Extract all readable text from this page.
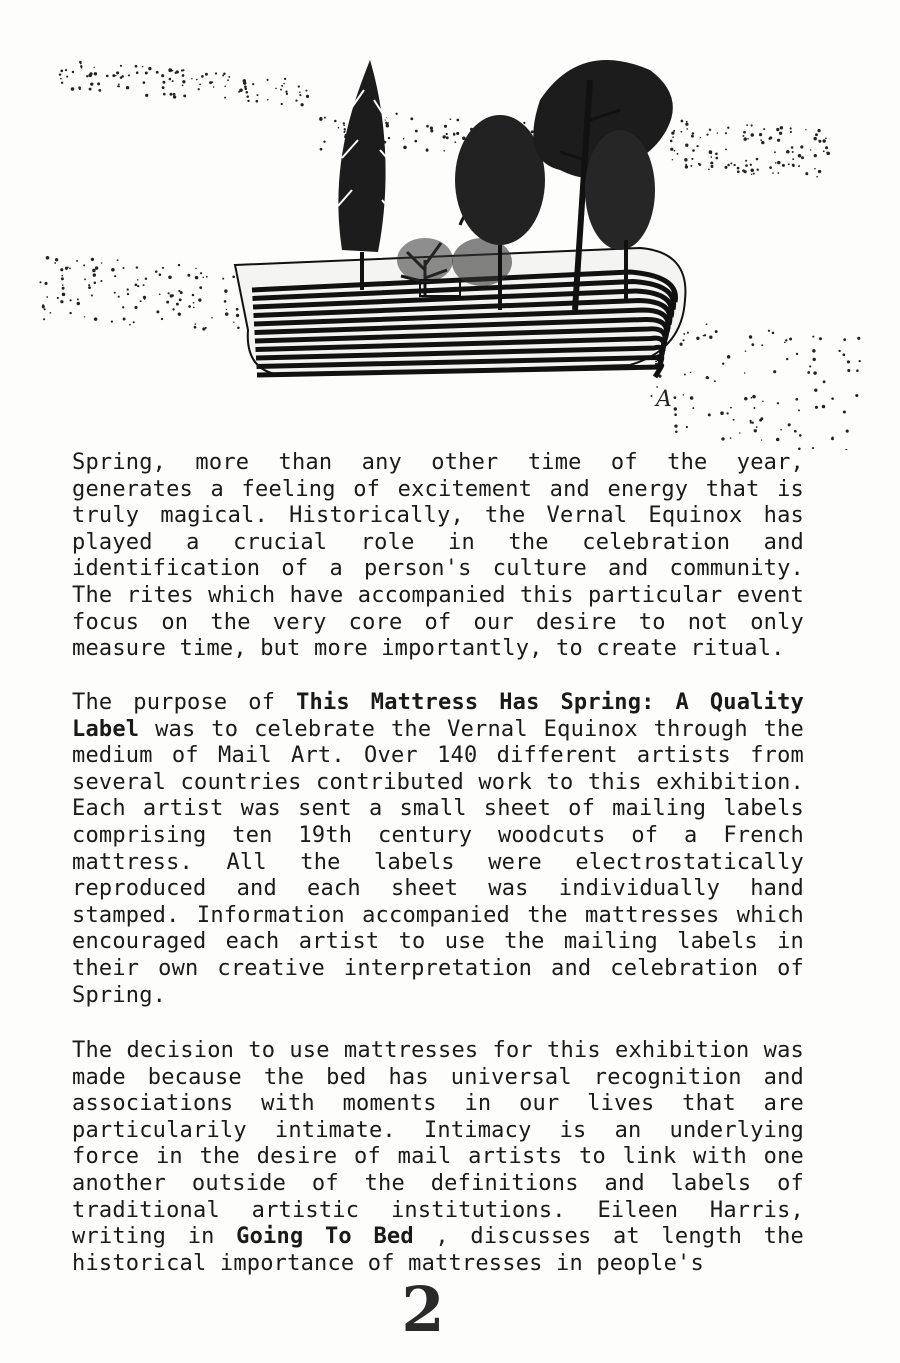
A
Spring, more than any other time of the year, generates a feeling of excitement and energy that is truly magical. Historically, the Vernal Equinox has played a crucial role in the celebration and identification of a person's culture and community. The rites which have accompanied this particular event focus on the very core of our desire to not only measure time, but more importantly, to create ritual.
The purpose of This Mattress Has Spring: A Quality Label was to celebrate the Vernal Equinox through the medium of Mail Art. Over 140 different artists from several countries contributed work to this exhibition. Each artist was sent a small sheet of mailing labels comprising ten 19th century woodcuts of a French mattress. All the labels were electrostatically reproduced and each sheet was individually hand stamped. Information accompanied the mattresses which encouraged each artist to use the mailing labels in their own creative interpretation and celebration of Spring.
The decision to use mattresses for this exhibition was made because the bed has universal recognition and associations with moments in our lives that are particularily intimate. Intimacy is an underlying force in the desire of mail artists to link with one another outside of the definitions and labels of traditional artistic institutions. Eileen Harris, writing in Going To Bed , discusses at length the historical importance of mattresses in people's
2
